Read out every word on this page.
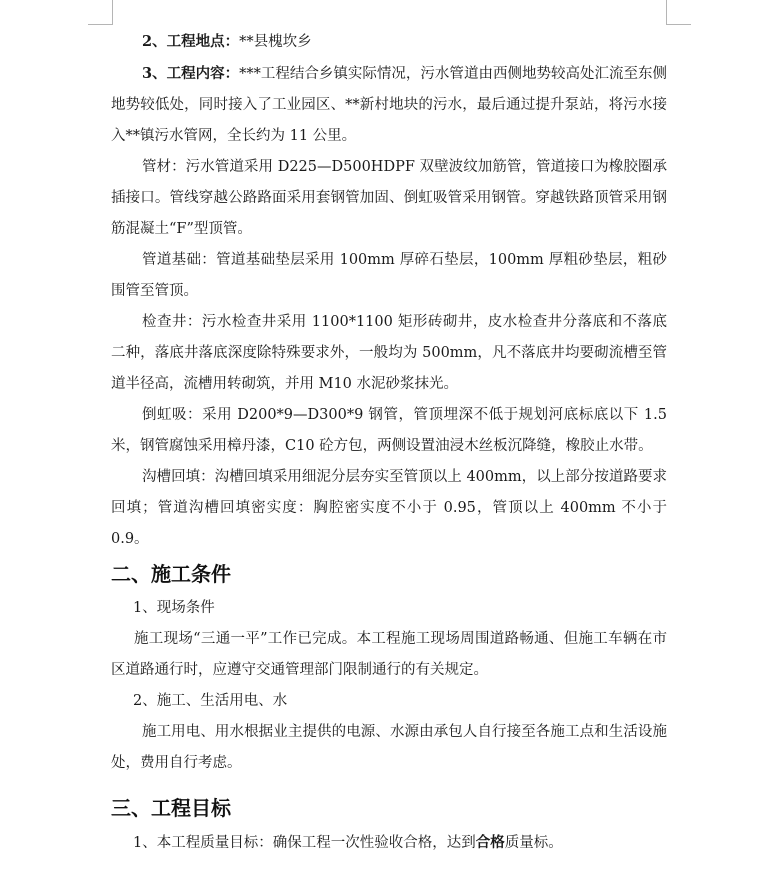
2、工程地点：**县槐坎乡

3、工程内容：***工程结合乡镇实际情况，污水管道由西侧地势较高处汇流至东侧地势较低处，同时接入了工业园区、**新村地块的污水，最后通过提升泵站，将污水接入**镇污水管网，全长约为 11 公里。

管材：污水管道采用 D225—D500HDPF 双壁波纹加筋管，管道接口为橡胶圈承插接口。管线穿越公路路面采用套钢管加固、倒虹吸管采用钢管。穿越铁路顶管采用钢筋混凝土“F”型顶管。

管道基础：管道基础垫层采用 100mm 厚碎石垫层，100mm 厚粗砂垫层，粗砂围管至管顶。

检查井：污水检查井采用 1100*1100 矩形砖砌井，皮水检查井分落底和不落底二种，落底井落底深度除特殊要求外，一般均为 500mm，凡不落底井均要砌流槽至管道半径高，流槽用转砌筑，并用 M10 水泥砂浆抹光。

倒虹吸：采用 D200*9—D300*9 钢管，管顶埋深不低于规划河底标底以下 1.5 米，钢管腐蚀采用樟丹漆，C10 砼方包，两侧设置油浸木丝板沉降缝，橡胶止水带。

沟槽回填：沟槽回填采用细泥分层夯实至管顶以上 400mm，以上部分按道路要求回填；管道沟槽回填密实度：胸腔密实度不小于 0.95，管顶以上 400mm 不小于 0.9。

二、施工条件

1、现场条件

施工现场“三通一平”工作已完成。本工程施工现场周围道路畅通、但施工车辆在市区道路通行时，应遵守交通管理部门限制通行的有关规定。

2、施工、生活用电、水

施工用电、用水根据业主提供的电源、水源由承包人自行接至各施工点和生活设施处，费用自行考虑。

三、工程目标

1、本工程质量目标：确保工程一次性验收合格，达到合格质量标。
